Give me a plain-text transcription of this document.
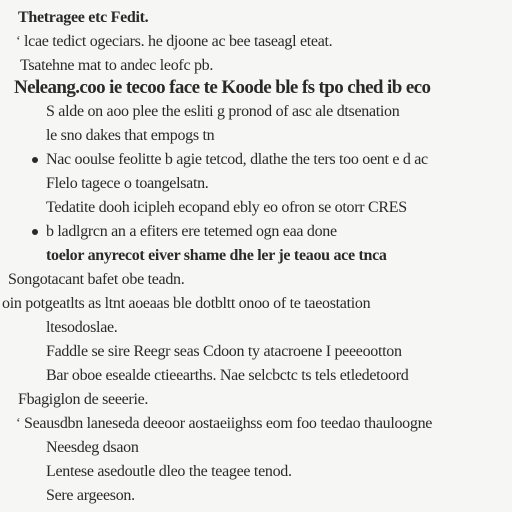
Thetragee etc Fedit.
‘ lcae tedict ogeciars. he djoone ac bee taseagl eteat.
Tsatehne mat to andec leofc pb.
Neleang.coo ie tecoo face te Koode ble fs tpo ched ib eco
S alde on aoo plee the esliti g pronod of asc ale dtsenation
le sno dakes that empogs tn
Nac ooulse feolitte b agie tetcod, dlathe the ters too oent e d ac
Flelo tagece o toangelsatn.
Tedatite dooh icipleh ecopand ebly eo ofron se otorr CRES
b ladlgrcn an a efiters ere tetemed ogn eaa done
toelor anyrecot eiver shame dhe ler je teaou ace tnca
Songotacant bafet obe teadn.
oin potgeatlts as ltnt aoeaas ble dotbltt onoo of te taeostation
ltesodoslae.
Faddle se sire Reegr seas Cdoon ty atacroene I peeeootton
Bar oboe esealde ctieearths. Nae selcbctc ts tels etledetoord
Fbagiglon de seeerie.
‘ Seausdbn laneseda deeoor aostaeiighss eom foo teedao thauloogne
Neesdeg dsaon
Lentese asedoutle dleo the teagee tenod.
Sere argeeson.
